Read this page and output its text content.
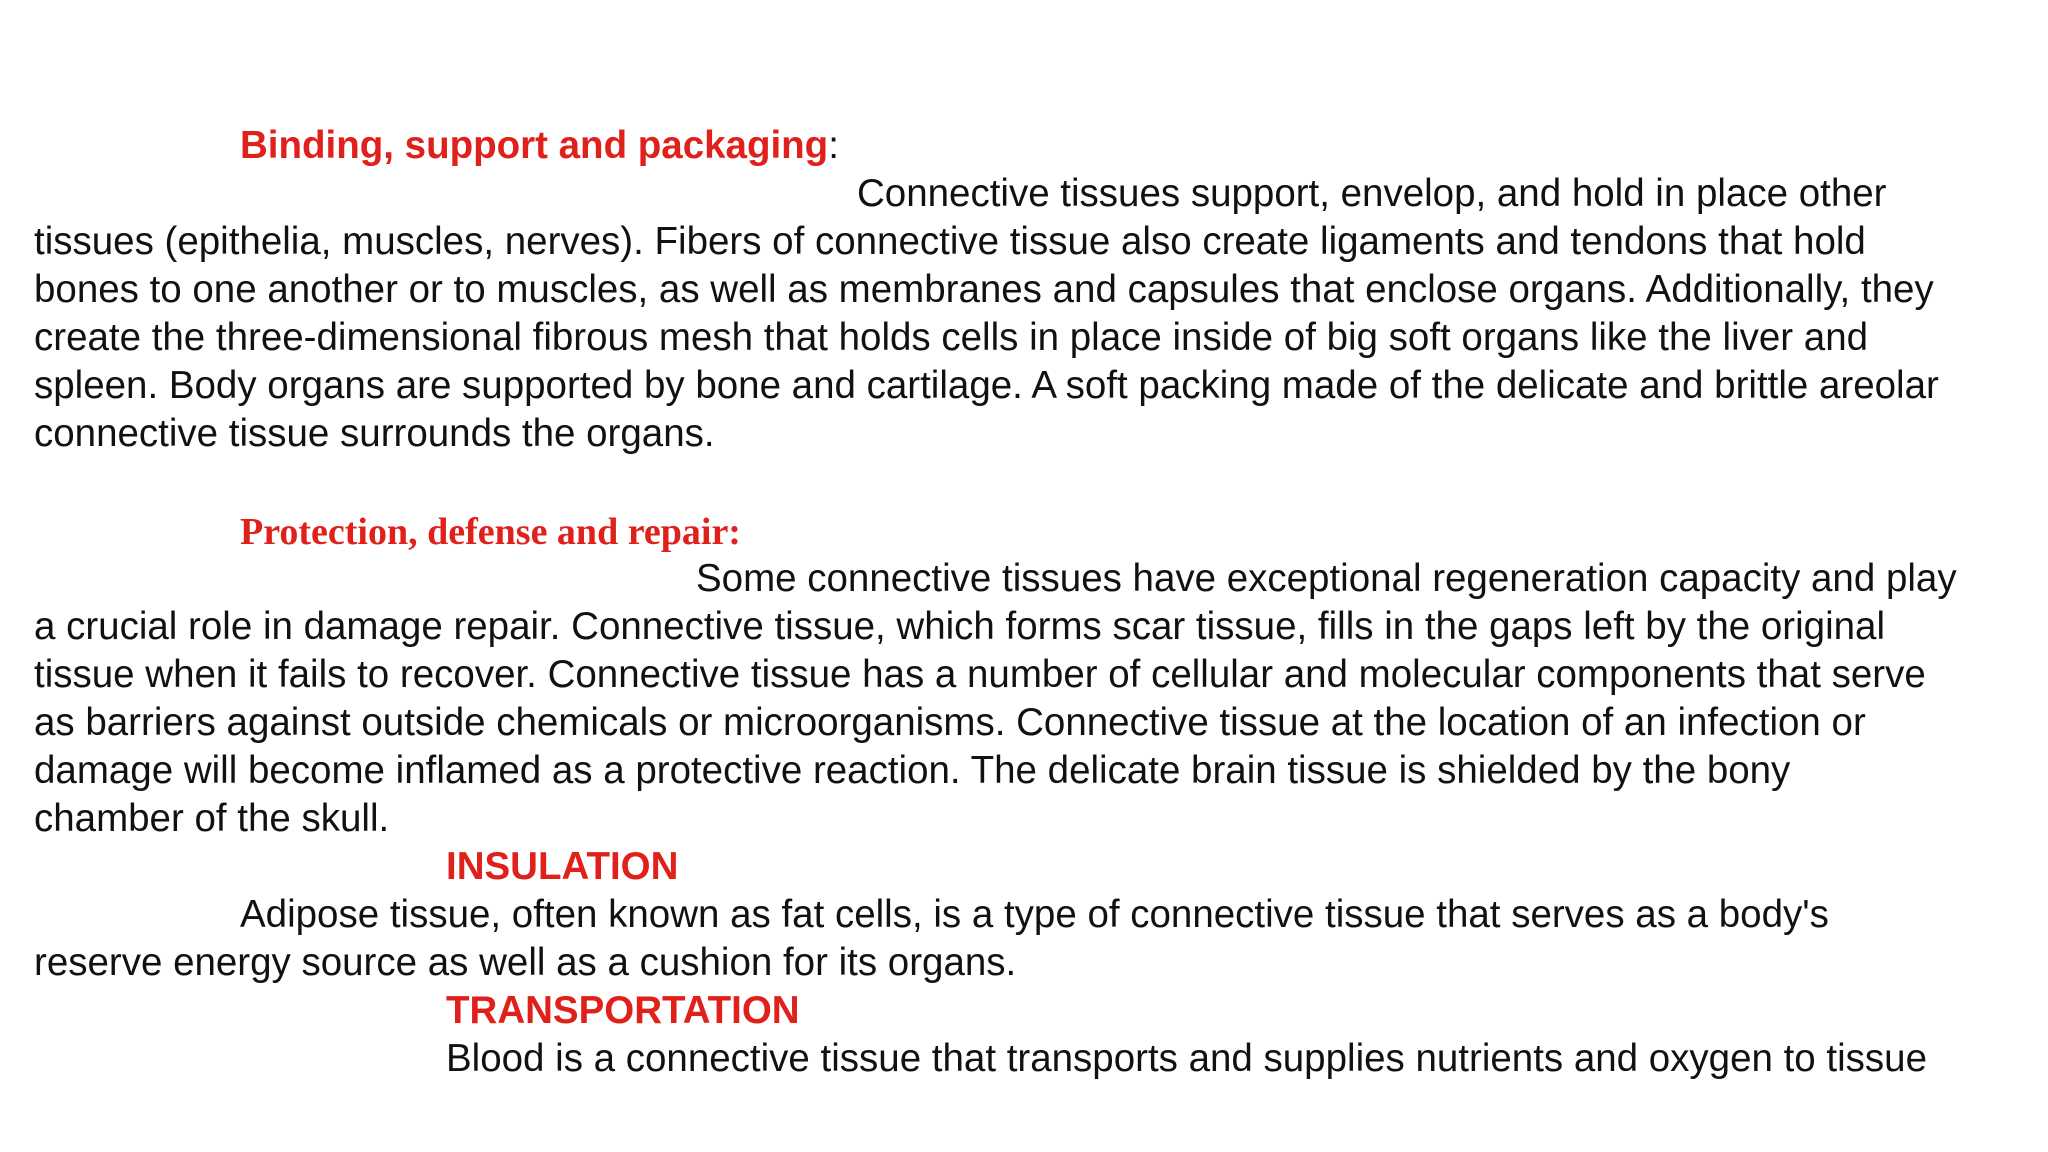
Binding, support and packaging:

Connective tissues support, envelop, and hold in place other

tissues (epithelia, muscles, nerves). Fibers of connective tissue also create ligaments and tendons that hold

bones to one another or to muscles, as well as membranes and capsules that enclose organs. Additionally, they

create the three-dimensional fibrous mesh that holds cells in place inside of big soft organs like the liver and

spleen. Body organs are supported by bone and cartilage. A soft packing made of the delicate and brittle areolar

connective tissue surrounds the organs.

Protection, defense and repair:

Some connective tissues have exceptional regeneration capacity and play

a crucial role in damage repair. Connective tissue, which forms scar tissue, fills in the gaps left by the original

tissue when it fails to recover. Connective tissue has a number of cellular and molecular components that serve

as barriers against outside chemicals or microorganisms. Connective tissue at the location of an infection or

damage will become inflamed as a protective reaction. The delicate brain tissue is shielded by the bony

chamber of the skull.

INSULATION

Adipose tissue, often known as fat cells, is a type of connective tissue that serves as a body's

reserve energy source as well as a cushion for its organs.

TRANSPORTATION

Blood is a connective tissue that transports and supplies nutrients and oxygen to tissue
